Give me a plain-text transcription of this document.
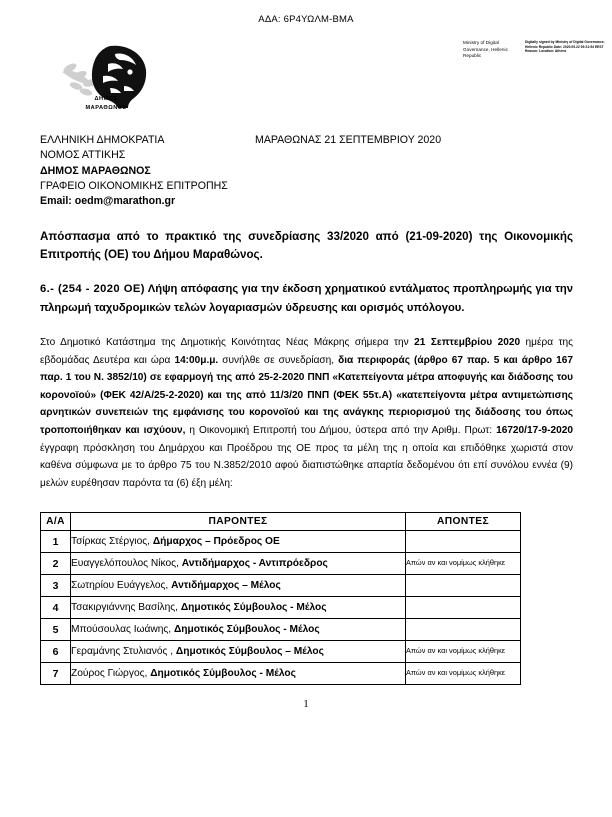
ΑΔΑ: 6Ρ4ΥΩΛΜ-ΒΜΑ
Ministry of Digital Governance, Hellenic Republic
Digitally signed by Ministry of Digital Governance, Hellenic Republic Date: 2020.09.22 09:21:54 EEST Reason: Location: Athens
ΔΗΜΟΣ
ΜΑΡΑΘΩΝΟΣ
ΕΛΛΗΝΙΚΗ ΔΗΜΟΚΡΑΤΙΑ	ΜΑΡΑΘΩΝΑΣ 21 ΣΕΠΤΕΜΒΡΙΟΥ 2020
ΝΟΜΟΣ ΑΤΤΙΚΗΣ
ΔΗΜΟΣ ΜΑΡΑΘΩΝΟΣ
ΓΡΑΦΕΙΟ ΟΙΚΟΝΟΜΙΚΗΣ ΕΠΙΤΡΟΠΗΣ
Email: oedm@marathon.gr
Απόσπασμα από το πρακτικό της συνεδρίασης 33/2020 από (21-09-2020) της Οικονομικής Επιτροπής (ΟΕ) του Δήμου Μαραθώνος.
6.- (254 - 2020 ΟΕ) Λήψη απόφασης για την έκδοση χρηματικού εντάλματος προπληρωμής για την πληρωμή ταχυδρομικών τελών λογαριασμών ύδρευσης και ορισμός υπόλογου.
Στο Δημοτικό Κατάστημα της Δημοτικής Κοινότητας Νέας Μάκρης σήμερα την 21 Σεπτεμβρίου 2020 ημέρα της εβδομάδας Δευτέρα και ώρα 14:00μ.μ. συνήλθε σε συνεδρίαση, δια περιφοράς (άρθρο 67 παρ. 5 και άρθρο 167 παρ. 1 του Ν. 3852/10) σε εφαρμογή της από 25-2-2020 ΠΝΠ «Κατεπείγοντα μέτρα αποφυγής και διάδοσης του κορονοϊού» (ΦΕΚ 42/Α/25-2-2020) και της από 11/3/20 ΠΝΠ (ΦΕΚ 55τ.Α) «κατεπείγοντα μέτρα αντιμετώπισης αρνητικών συνεπειών της εμφάνισης του κορονοϊού και της ανάγκης περιορισμού της διάδοσης του όπως τροποποιήθηκαν και ισχύουν, η Οικονομική Επιτροπή του Δήμου, ύστερα από την Αριθμ. Πρωτ: 16720/17-9-2020 έγγραφη πρόσκληση του Δημάρχου και Προέδρου της ΟΕ προς τα μέλη της η οποία και επιδόθηκε χωριστά στον καθένα σύμφωνα με το άρθρο 75 του Ν.3852/2010 αφού διαπιστώθηκε απαρτία δεδομένου ότι επί συνόλου εννέα (9) μελών ευρέθησαν παρόντα τα (6) έξη μέλη:
Α/Α	ΠΑΡΟΝΤΕΣ	ΑΠΟΝΤΕΣ
1	Τσίρκας Στέργιος, Δήμαρχος – Πρόεδρος ΟΕ	
2	Ευαγγελόπουλος Νίκος, Αντιδήμαρχος - Αντιπρόεδρος	Απών αν και νομίμως κλήθηκε
3	Σωτηρίου Ευάγγελος, Αντιδήμαρχος – Μέλος	
4	Τσακιργιάννης Βασίλης, Δημοτικός Σύμβουλος - Μέλος	
5	Μπούσουλας Ιωάwης, Δημοτικός Σύμβουλος - Μέλος	
6	Γεραμάνης Στυλιανός , Δημοτικός Σύμβουλος – Μέλος	Απών αν και νομίμως κλήθηκε
7	Ζούρος Γιώργος, Δημοτικός Σύμβουλος - Μέλος	Απών αν και νομίμως κλήθηκε
1
